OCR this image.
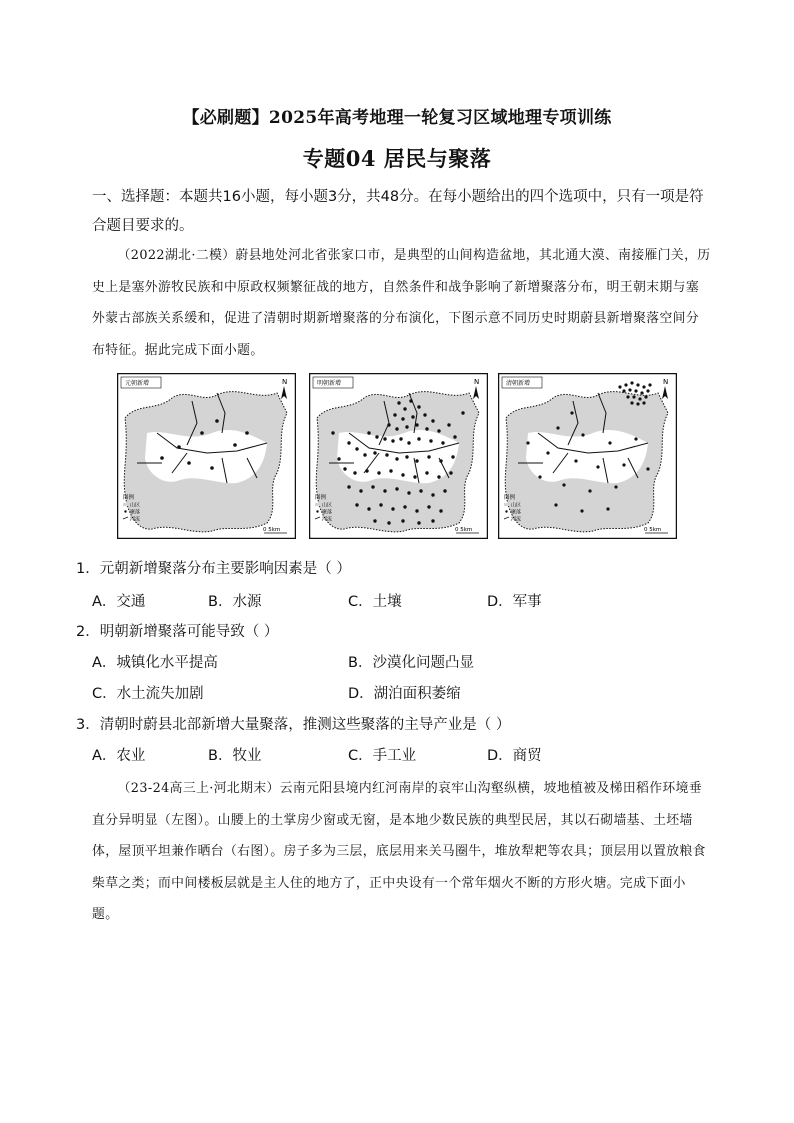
【必刷题】2025年高考地理一轮复习区域地理专项训练
专题04 居民与聚落
一、选择题：本题共16小题，每小题3分，共48分。在每小题给出的四个选项中，只有一项是符合题目要求的。
（2022湖北·二模）蔚县地处河北省张家口市，是典型的山间构造盆地，其北通大漠、南接雁门关，历史上是塞外游牧民族和中原政权频繁征战的地方，自然条件和战争影响了新增聚落分布，明王朝末期与塞外蒙古部族关系缓和，促进了清朝时期新增聚落的分布演化，下图示意不同历史时期蔚县新增聚落空间分布特征。据此完成下面小题。
元朝新增	N
图例
山区
聚落
河流
0 5km
明朝新增	N
图例
山区
聚落
河流
0 5km
清朝新增	N
图例
山区
聚落
河流
0 5km
1．元朝新增聚落分布主要影响因素是（ ）
A．交通	B．水源	C．土壤	D．军事
2．明朝新增聚落可能导致（ ）
A．城镇化水平提高	B．沙漠化问题凸显
C．水土流失加剧	D．湖泊面积萎缩
3．清朝时蔚县北部新增大量聚落，推测这些聚落的主导产业是（ ）
A．农业	B．牧业	C．手工业	D．商贸
（23-24高三上·河北期末）云南元阳县境内红河南岸的哀牢山沟壑纵横，坡地植被及梯田稻作环境垂直分异明显（左图）。山腰上的土掌房少窗或无窗，是本地少数民族的典型民居，其以石砌墙基、土坯墙体，屋顶平坦兼作晒台（右图）。房子多为三层，底层用来关马圈牛，堆放犁耙等农具；顶层用以置放粮食柴草之类；而中间楼板层就是主人住的地方了，正中央设有一个常年烟火不断的方形火塘。完成下面小题。
